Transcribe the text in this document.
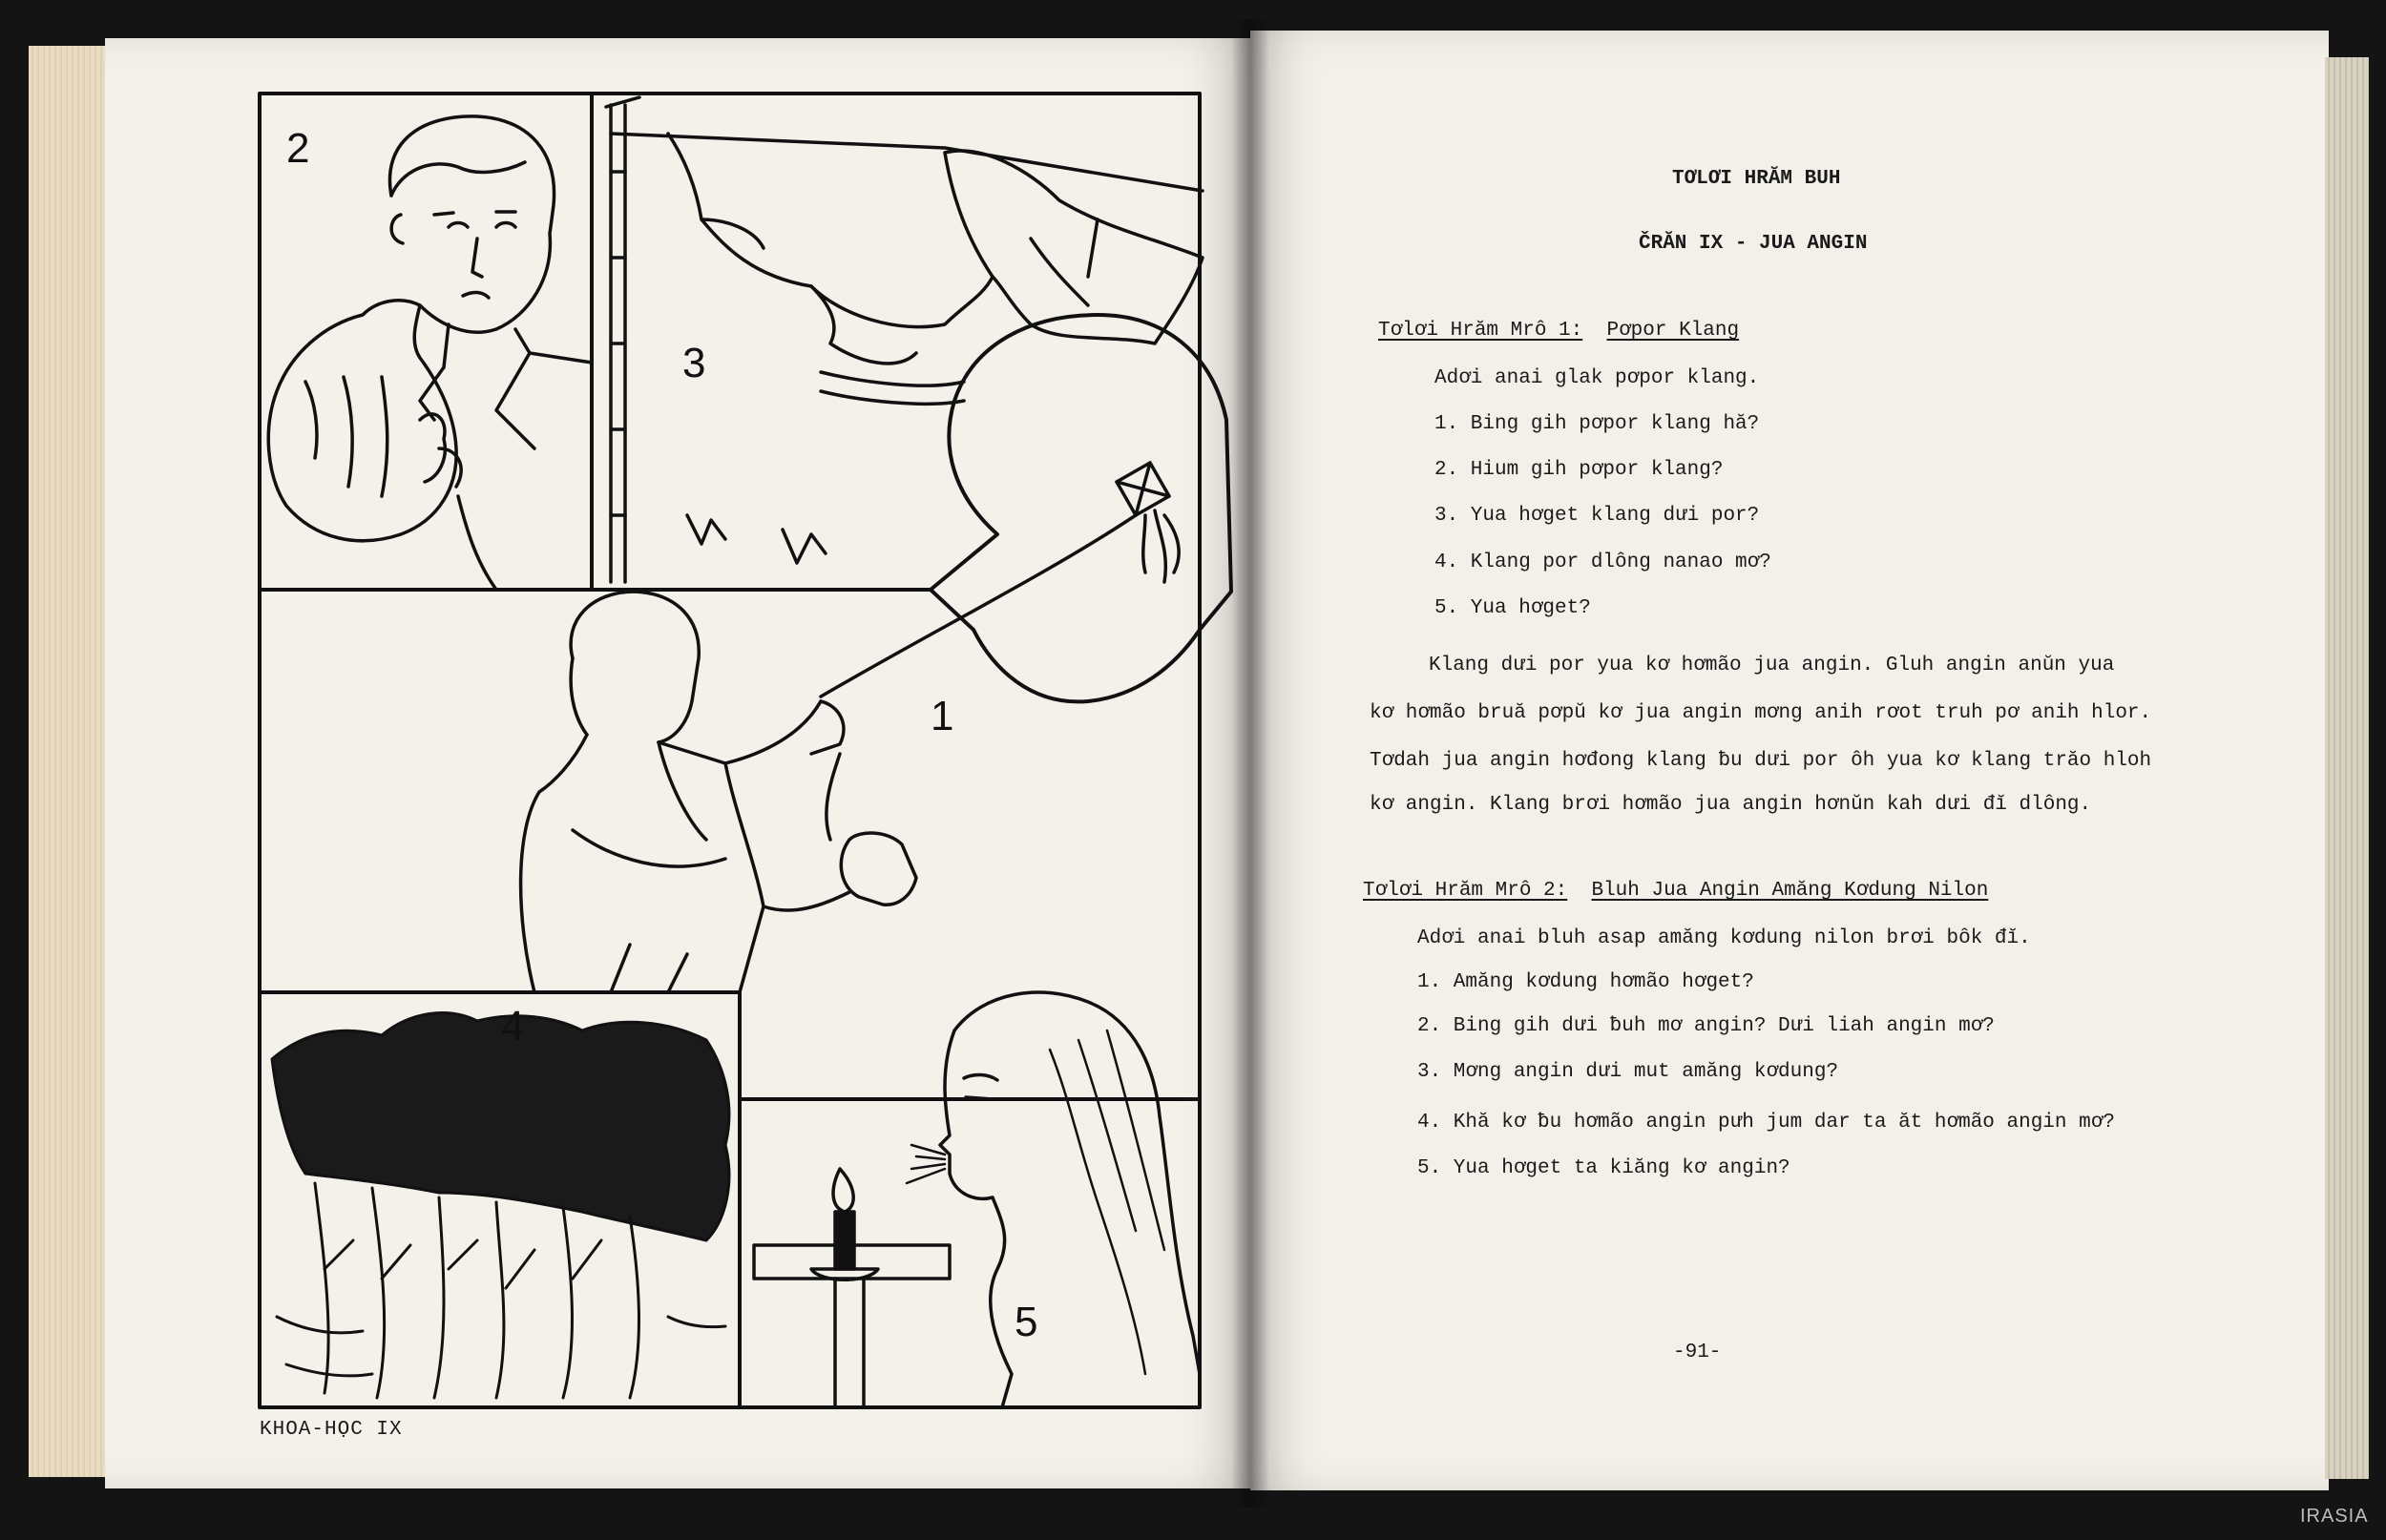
2
3
1
4
5
KHOA-HỌC IX
TƠLƠI HRĂM BUH
ČRĂN IX - JUA ANGIN
Tơlơi Hrăm Mrô 1: Pơpor Klang
Adơi anai glak pơpor klang.
1. Bing gih pơpor klang hă?
2. Hium gih pơpor klang?
3. Yua hơget klang dưi por?
4. Klang por dlông nanao mơ?
5. Yua hơget?
Klang dưi por yua kơ hơmão jua angin. Gluh angin anŭn yua
kơ hơmão bruă pơpŭ kơ jua angin mơng anih rơot truh pơ anih hlor.
Tơdah jua angin hơđong klang ƀu dưi por ôh yua kơ klang trăo hloh
kơ angin. Klang brơi hơmão jua angin hơnŭn kah dưi đĭ dlông.
Tơlơi Hrăm Mrô 2: Bluh Jua Angin Amăng Kơdung Nilon
Adơi anai bluh asap amăng kơdung nilon brơi bôk đĭ.
1. Amăng kơdung hơmão hơget?
2. Bing gih dưi ƀuh mơ angin? Dưi liah angin mơ?
3. Mơng angin dưi mut amăng kơdung?
4. Khă kơ ƀu hơmão angin pưh jum dar ta ăt hơmão angin mơ?
5. Yua hơget ta kiăng kơ angin?
-91-
IRASIA
